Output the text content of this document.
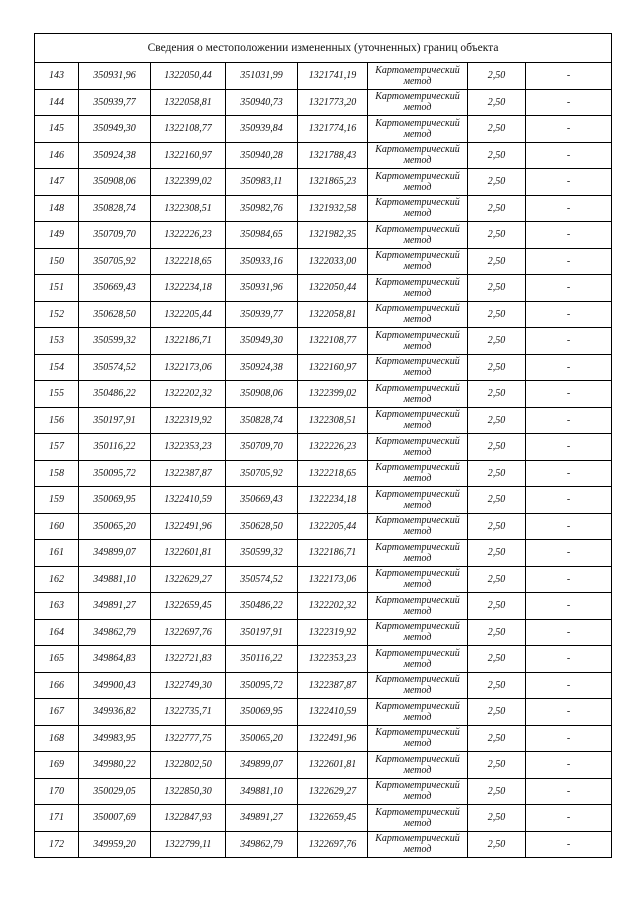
Сведения о местоположении измененных (уточненных) границ объекта							
143	350931,96	1322050,44	351031,99	1321741,19	Картометрический метод	2,50	-
144	350939,77	1322058,81	350940,73	1321773,20	Картометрический метод	2,50	-
145	350949,30	1322108,77	350939,84	1321774,16	Картометрический метод	2,50	-
146	350924,38	1322160,97	350940,28	1321788,43	Картометрический метод	2,50	-
147	350908,06	1322399,02	350983,11	1321865,23	Картометрический метод	2,50	-
148	350828,74	1322308,51	350982,76	1321932,58	Картометрический метод	2,50	-
149	350709,70	1322226,23	350984,65	1321982,35	Картометрический метод	2,50	-
150	350705,92	1322218,65	350933,16	1322033,00	Картометрический метод	2,50	-
151	350669,43	1322234,18	350931,96	1322050,44	Картометрический метод	2,50	-
152	350628,50	1322205,44	350939,77	1322058,81	Картометрический метод	2,50	-
153	350599,32	1322186,71	350949,30	1322108,77	Картометрический метод	2,50	-
154	350574,52	1322173,06	350924,38	1322160,97	Картометрический метод	2,50	-
155	350486,22	1322202,32	350908,06	1322399,02	Картометрический метод	2,50	-
156	350197,91	1322319,92	350828,74	1322308,51	Картометрический метод	2,50	-
157	350116,22	1322353,23	350709,70	1322226,23	Картометрический метод	2,50	-
158	350095,72	1322387,87	350705,92	1322218,65	Картометрический метод	2,50	-
159	350069,95	1322410,59	350669,43	1322234,18	Картометрический метод	2,50	-
160	350065,20	1322491,96	350628,50	1322205,44	Картометрический метод	2,50	-
161	349899,07	1322601,81	350599,32	1322186,71	Картометрический метод	2,50	-
162	349881,10	1322629,27	350574,52	1322173,06	Картометрический метод	2,50	-
163	349891,27	1322659,45	350486,22	1322202,32	Картометрический метод	2,50	-
164	349862,79	1322697,76	350197,91	1322319,92	Картометрический метод	2,50	-
165	349864,83	1322721,83	350116,22	1322353,23	Картометрический метод	2,50	-
166	349900,43	1322749,30	350095,72	1322387,87	Картометрический метод	2,50	-
167	349936,82	1322735,71	350069,95	1322410,59	Картометрический метод	2,50	-
168	349983,95	1322777,75	350065,20	1322491,96	Картометрический метод	2,50	-
169	349980,22	1322802,50	349899,07	1322601,81	Картометрический метод	2,50	-
170	350029,05	1322850,30	349881,10	1322629,27	Картометрический метод	2,50	-
171	350007,69	1322847,93	349891,27	1322659,45	Картометрический метод	2,50	-
172	349959,20	1322799,11	349862,79	1322697,76	Картометрический метод	2,50	-
